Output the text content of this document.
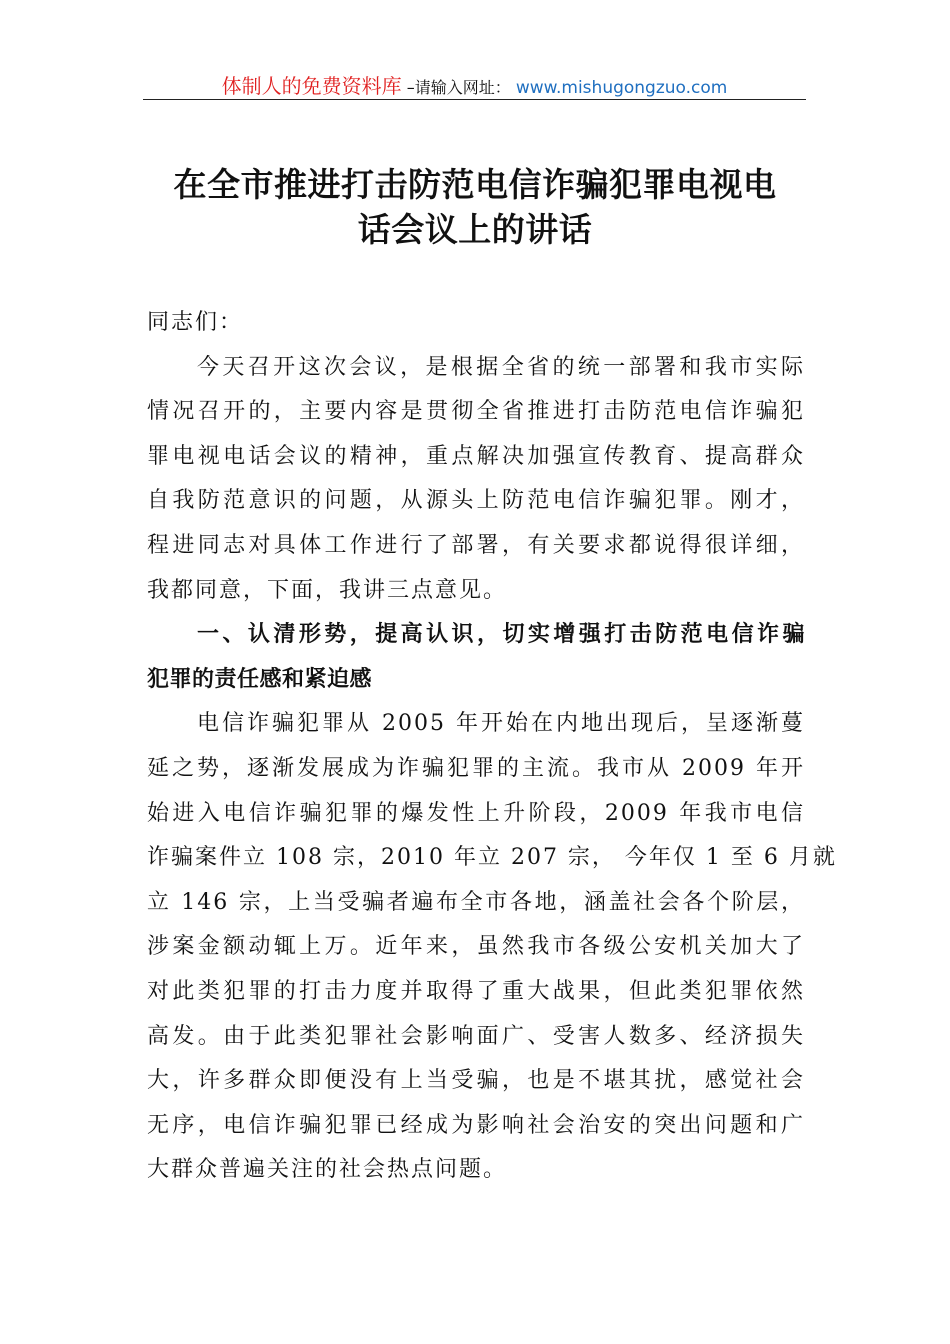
体制人的免费资料库 –请输入网址： www.mishugongzuo.com
在全市推进打击防范电信诈骗犯罪电视电
话会议上的讲话
同志们：
今天召开这次会议，是根据全省的统一部署和我市实际
情况召开的，主要内容是贯彻全省推进打击防范电信诈骗犯
罪电视电话会议的精神，重点解决加强宣传教育、提高群众
自我防范意识的问题，从源头上防范电信诈骗犯罪。刚才，
程进同志对具体工作进行了部署，有关要求都说得很详细，
我都同意，下面，我讲三点意见。
一、认清形势，提高认识，切实增强打击防范电信诈骗
犯罪的责任感和紧迫感
电信诈骗犯罪从 2005 年开始在内地出现后，呈逐渐蔓
延之势，逐渐发展成为诈骗犯罪的主流。我市从 2009 年开
始进入电信诈骗犯罪的爆发性上升阶段，2009 年我市电信
诈骗案件立 108 宗，2010 年立 207 宗， 今年仅 1 至 6 月就
立 146 宗，上当受骗者遍布全市各地，涵盖社会各个阶层，
涉案金额动辄上万。近年来，虽然我市各级公安机关加大了
对此类犯罪的打击力度并取得了重大战果，但此类犯罪依然
高发。由于此类犯罪社会影响面广、受害人数多、经济损失
大，许多群众即便没有上当受骗，也是不堪其扰，感觉社会
无序，电信诈骗犯罪已经成为影响社会治安的突出问题和广
大群众普遍关注的社会热点问题。
